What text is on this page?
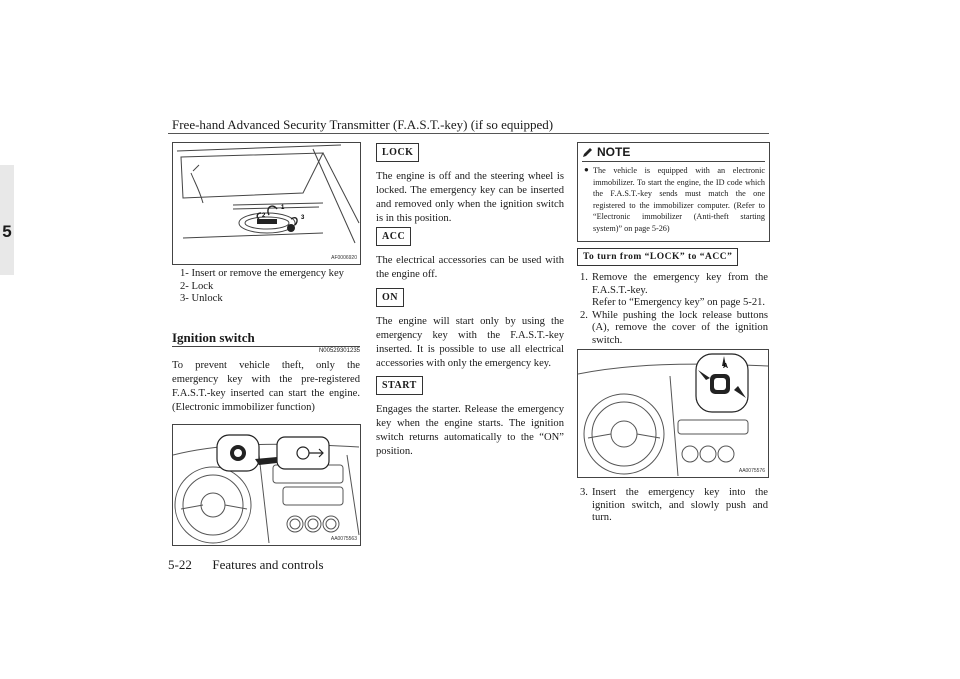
Free-hand Advanced Security Transmitter (F.A.S.T.-key) (if so equipped)
5
1
2	3
AF0006920
1- Insert or remove the emergency key
2- Lock
3- Unlock
Ignition switch
N00529301235
To prevent vehicle theft, only the emergency key with the pre-registered F.A.S.T.-key inserted can start the engine. (Electronic immobilizer function)
AA0075563
LOCK
The engine is off and the steering wheel is locked. The emergency key can be inserted and removed only when the ignition switch is in this position.
ACC
The electrical accessories can be used with the engine off.
ON
The engine will start only by using the emergency key with the F.A.S.T.-key inserted. It is possible to use all electrical accessories with only the emergency key.
START
Engages the starter. Release the emergency key when the engine starts. The ignition switch returns automatically to the “ON” position.
NOTE
● The vehicle is equipped with an electronic immobilizer. To start the engine, the ID code which the F.A.S.T.-key sends must match the one registered to the immobilizer computer. (Refer to “Electronic immobilizer (Anti-theft starting system)” on page 5-26)
To turn from “LOCK” to “ACC”
1. Remove the emergency key from the F.A.S.T.-key.
Refer to “Emergency key” on page 5-21.
2. While pushing the lock release buttons (A), remove the cover of the ignition switch.
A
AA0075576
3. Insert the emergency key into the ignition switch, and slowly push and turn.
5-22 Features and controls
